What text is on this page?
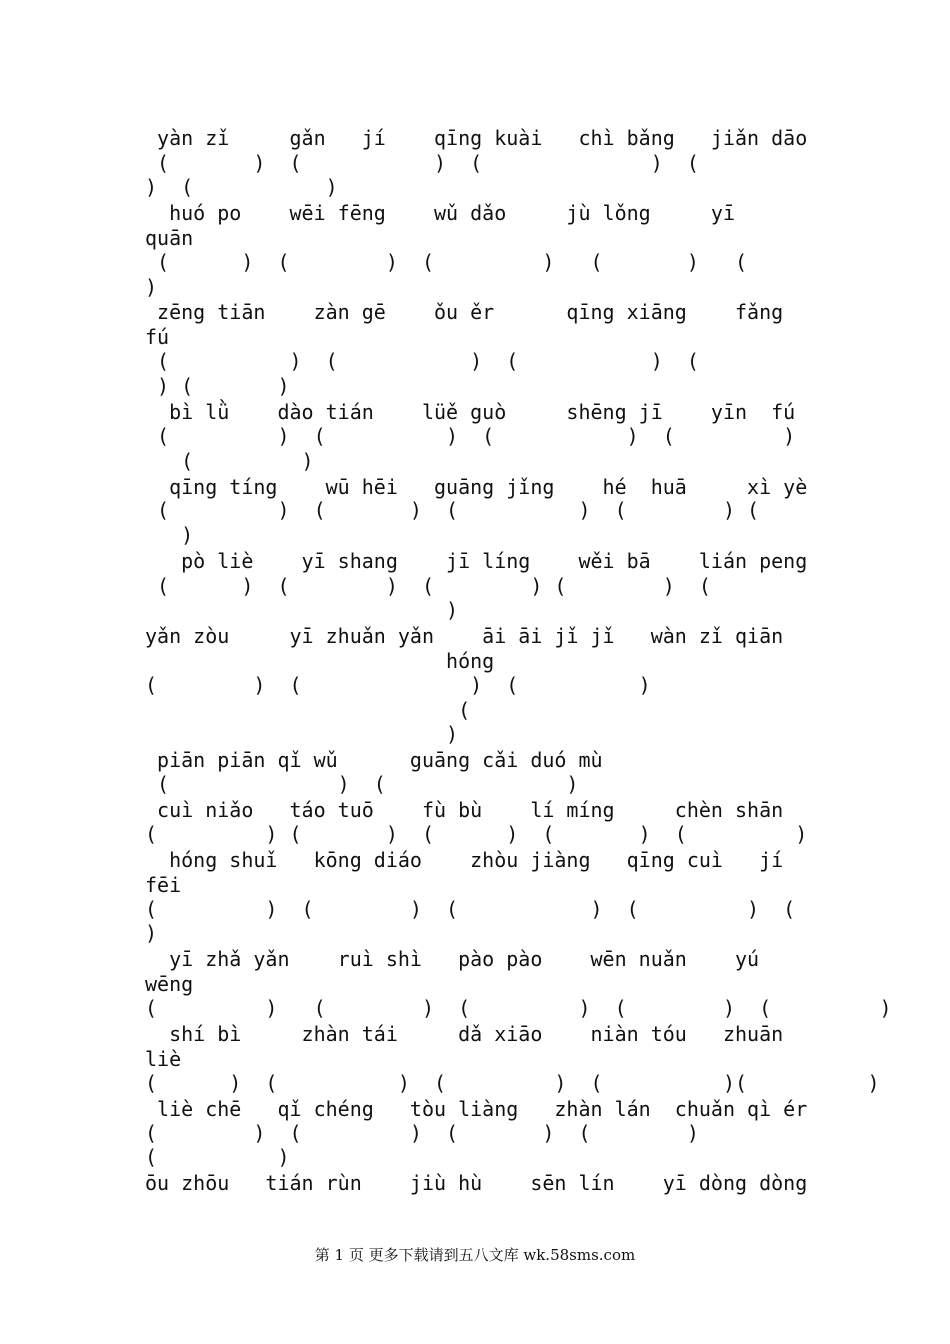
yàn zǐ     gǎn   jí    qīng kuài   chì bǎng   jiǎn dāo
(       )  (           )  (              )  (
)  (           )
huó po    wēi fēng    wǔ dǎo     jù lǒng     yī
quān
(      )  (        )  (         )   (       )   (
)
zēng tiān    zàn gē    ǒu ěr      qīng xiāng    fǎng
fú
(          )  (           )  (           )  (
) (       )
bì lǜ    dào tián    lüě guò     shēng jī    yīn  fú
(         )  (          )  (           )  (         )
(         )
qīng tíng    wū hēi   guāng jǐng    hé  huā     xì yè
(         )  (       )  (          )  (        ) (
)
pò liè    yī shang    jī líng    wěi bā    lián peng
(      )  (        )  (        ) (        )  (
)
yǎn zòu     yī zhuǎn yǎn    āi āi jǐ jǐ   wàn zǐ qiān
hóng
(        )  (              )  (          )
(
)
piān piān qǐ wǔ      guāng cǎi duó mù
(              )  (               )
cuì niǎo   táo tuō    fù bù    lí míng     chèn shān
(         ) (       )  (      )  (       )  (         )
hóng shuǐ   kōng diáo    zhòu jiàng   qīng cuì   jí
fēi
(         )  (        )  (           )  (         )  (
)
yī zhǎ yǎn    ruì shì   pào pào    wēn nuǎn    yú
wēng
(         )   (        )  (         )  (        )  (         )
shí bì     zhàn tái     dǎ xiāo    niàn tóu   zhuān
liè
(      )  (          )  (         )  (          )(          )
liè chē   qǐ chéng   tòu liàng   zhàn lán  chuǎn qì ér
(        )  (         )  (       )  (        )
(          )
ōu zhōu   tián rùn    jiù hù    sēn lín    yī dòng dòng
第 1 页 更多下载请到五八文库 wk.58sms.com
